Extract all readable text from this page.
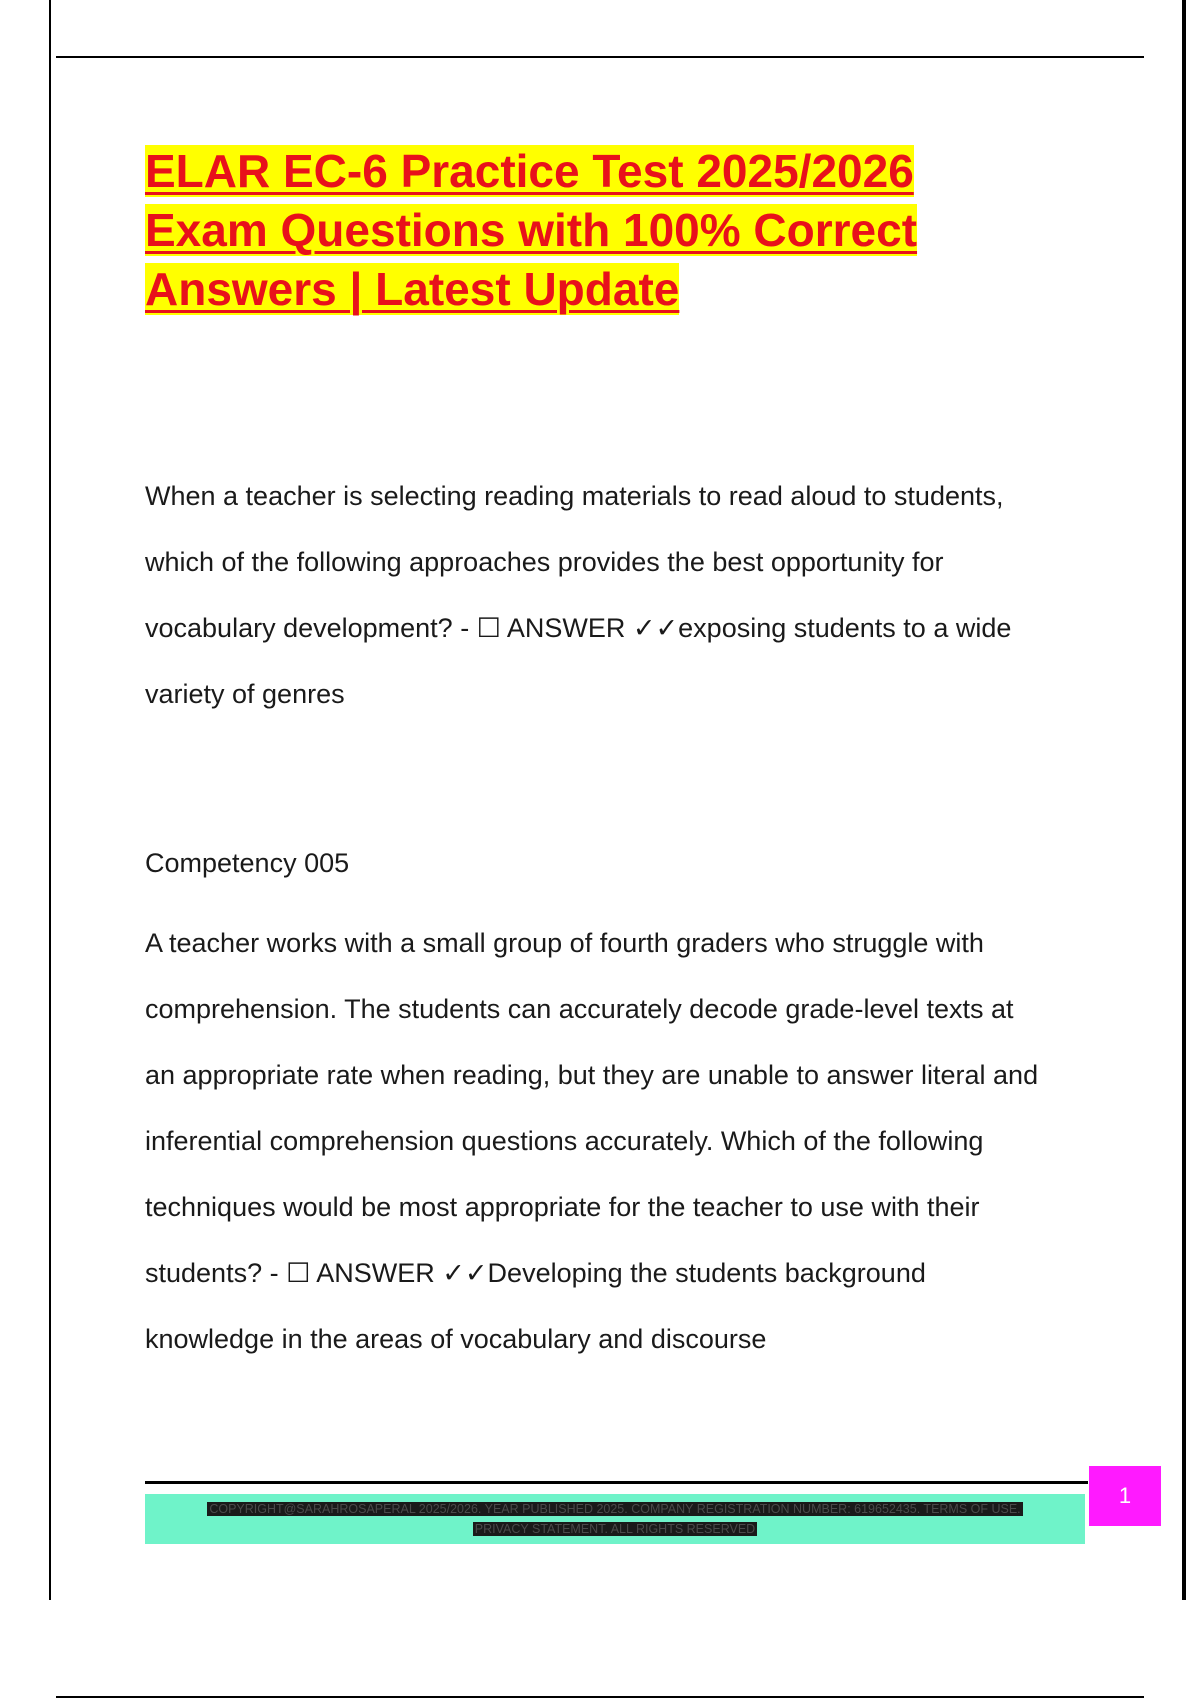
ELAR EC-6 Practice Test 2025/2026
Exam Questions with 100% Correct
Answers | Latest Update
When a teacher is selecting reading materials to read aloud to students,
which of the following approaches provides the best opportunity for
vocabulary development? - ☐ ANSWER ✓✓exposing students to a wide
variety of genres
Competency 005
A teacher works with a small group of fourth graders who struggle with
comprehension. The students can accurately decode grade-level texts at
an appropriate rate when reading, but they are unable to answer literal and
inferential comprehension questions accurately. Which of the following
techniques would be most appropriate for the teacher to use with their
students? - ☐ ANSWER ✓✓Developing the students background
knowledge in the areas of vocabulary and discourse
COPYRIGHT@SARAHROSAPERAL 2025/2026. YEAR PUBLISHED 2025. COMPANY REGISTRATION NUMBER: 619652435. TERMS OF USE.
PRIVACY STATEMENT. ALL RIGHTS RESERVED
1
